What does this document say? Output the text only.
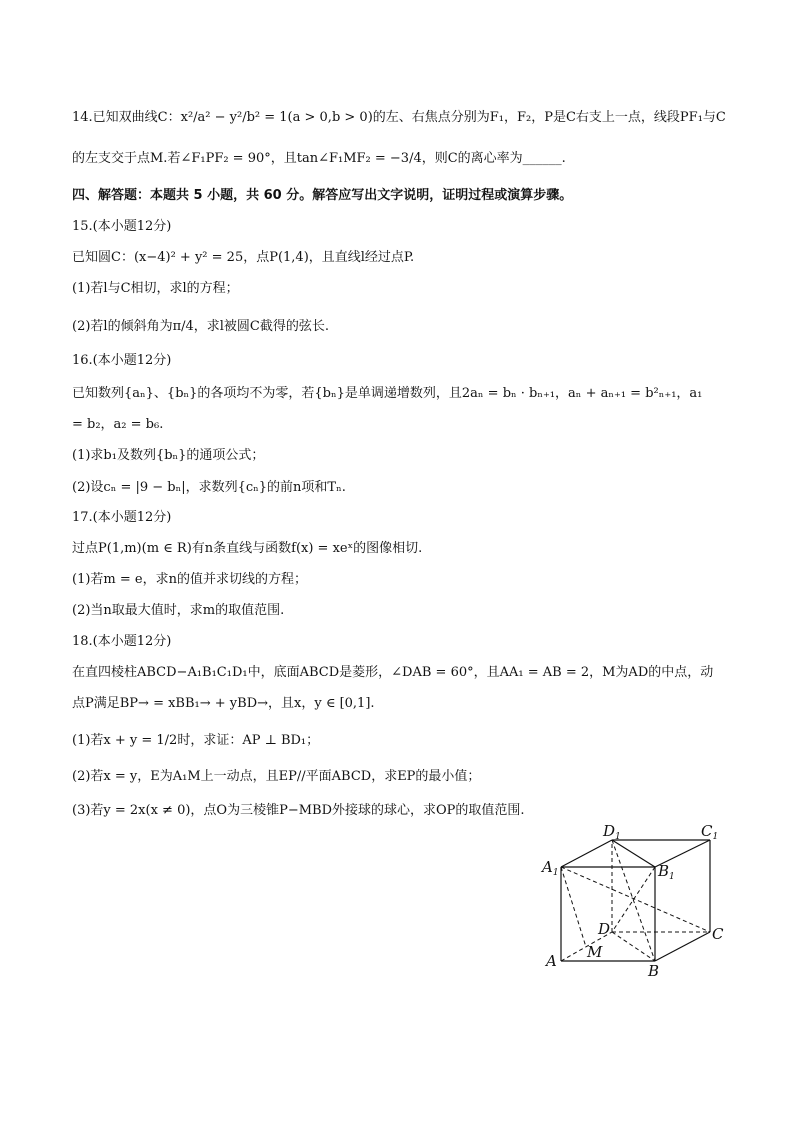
14.已知双曲线C：x²/a² − y²/b² = 1(a > 0,b > 0)的左、右焦点分别为F₁，F₂，P是C右支上一点，线段PF₁与C
的左支交于点M.若∠F₁PF₂ = 90°，且tan∠F₁MF₂ = −3/4，则C的离心率为______.
四、解答题：本题共 5 小题，共 60 分。解答应写出文字说明，证明过程或演算步骤。
15.(本小题12分)
已知圆C：(x−4)² + y² = 25，点P(1,4)，且直线l经过点P.
(1)若l与C相切，求l的方程；
(2)若l的倾斜角为π/4，求l被圆C截得的弦长.
16.(本小题12分)
已知数列{aₙ}、{bₙ}的各项均不为零，若{bₙ}是单调递增数列，且2aₙ = bₙ · bₙ₊₁，aₙ + aₙ₊₁ = b²ₙ₊₁，a₁
= b₂，a₂ = b₆.
(1)求b₁及数列{bₙ}的通项公式；
(2)设cₙ = |9 − bₙ|，求数列{cₙ}的前n项和Tₙ.
17.(本小题12分)
过点P(1,m)(m ∈ R)有n条直线与函数f(x) = xeˣ的图像相切.
(1)若m = e，求n的值并求切线的方程；
(2)当n取最大值时，求m的取值范围.
18.(本小题12分)
在直四棱柱ABCD−A₁B₁C₁D₁中，底面ABCD是菱形，∠DAB = 60°，且AA₁ = AB = 2，M为AD的中点，动
点P满足BP→ = xBB₁→ + yBD→，且x，y ∈ [0,1].
(1)若x + y = 1/2时，求证：AP ⊥ BD₁；
(2)若x = y，E为A₁M上一动点，且EP//平面ABCD，求EP的最小值；
(3)若y = 2x(x ≠ 0)，点O为三棱锥P−MBD外接球的球心，求OP的取值范围.
$D_1$	$C_1$
$A_1$	$B_1$
D	C
M
A
B
